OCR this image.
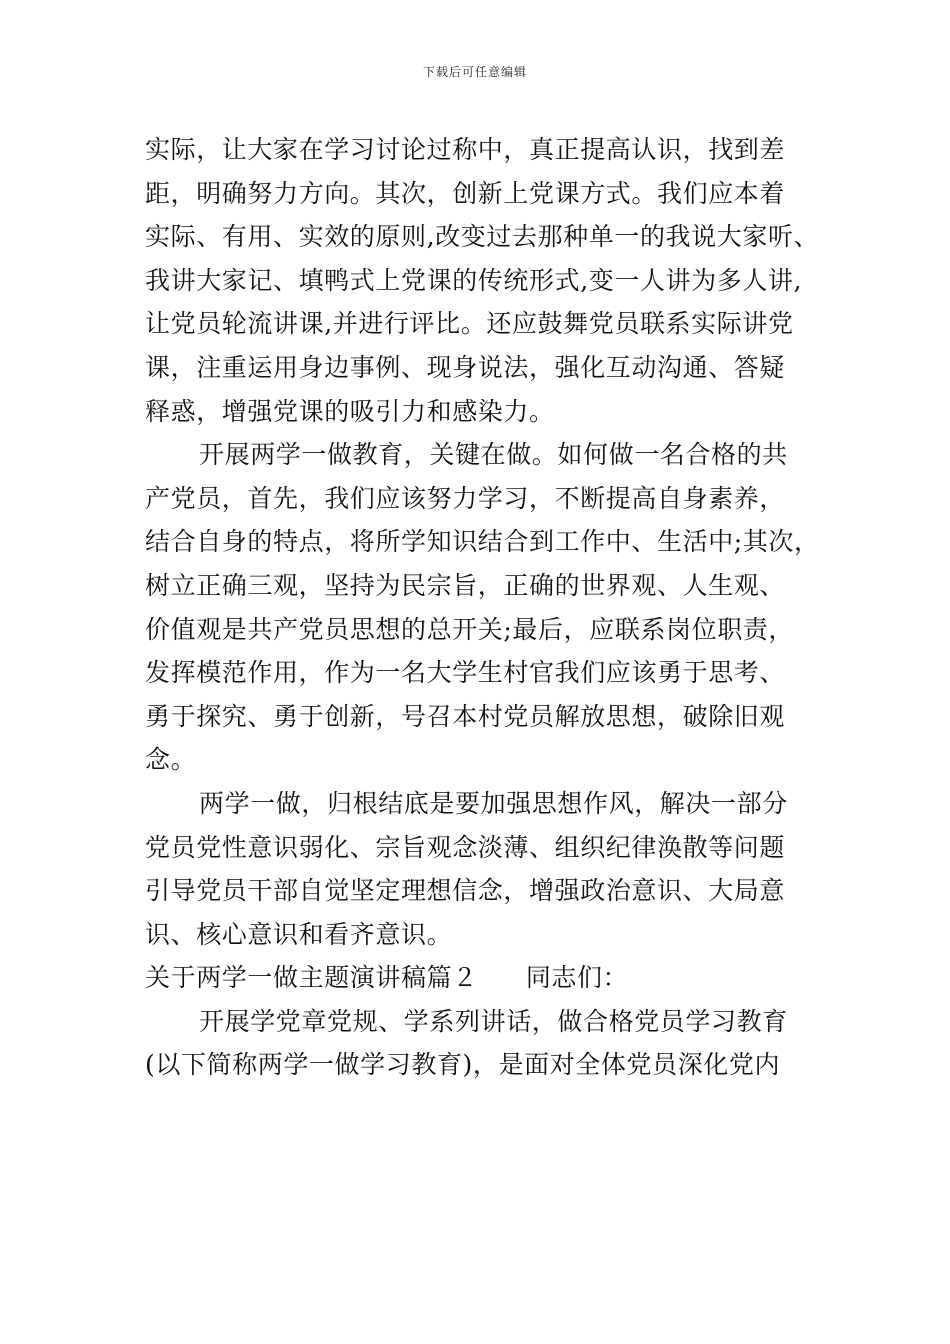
下载后可任意编辑
实际，让大家在学习讨论过称中，真正提高认识，找到差
距，明确努力方向。其次，创新上党课方式。我们应本着
实际、有用、实效的原则,改变过去那种单一的我说大家听、
我讲大家记、填鸭式上党课的传统形式,变一人讲为多人讲,
让党员轮流讲课,并进行评比。还应鼓舞党员联系实际讲党
课，注重运用身边事例、现身说法，强化互动沟通、答疑
释惑，增强党课的吸引力和感染力。
开展两学一做教育，关键在做。如何做一名合格的共
产党员，首先，我们应该努力学习，不断提高自身素养，
结合自身的特点，将所学知识结合到工作中、生活中;其次，
树立正确三观，坚持为民宗旨，正确的世界观、人生观、
价值观是共产党员思想的总开关;最后，应联系岗位职责，
发挥模范作用，作为一名大学生村官我们应该勇于思考、
勇于探究、勇于创新，号召本村党员解放思想，破除旧观
念。
两学一做，归根结底是要加强思想作风，解决一部分
党员党性意识弱化、宗旨观念淡薄、组织纪律涣散等问题
引导党员干部自觉坚定理想信念，增强政治意识、大局意
识、核心意识和看齐意识。
关于两学一做主题演讲稿篇２ 同志们：
开展学党章党规、学系列讲话，做合格党员学习教育
(以下简称两学一做学习教育)，是面对全体党员深化党内
